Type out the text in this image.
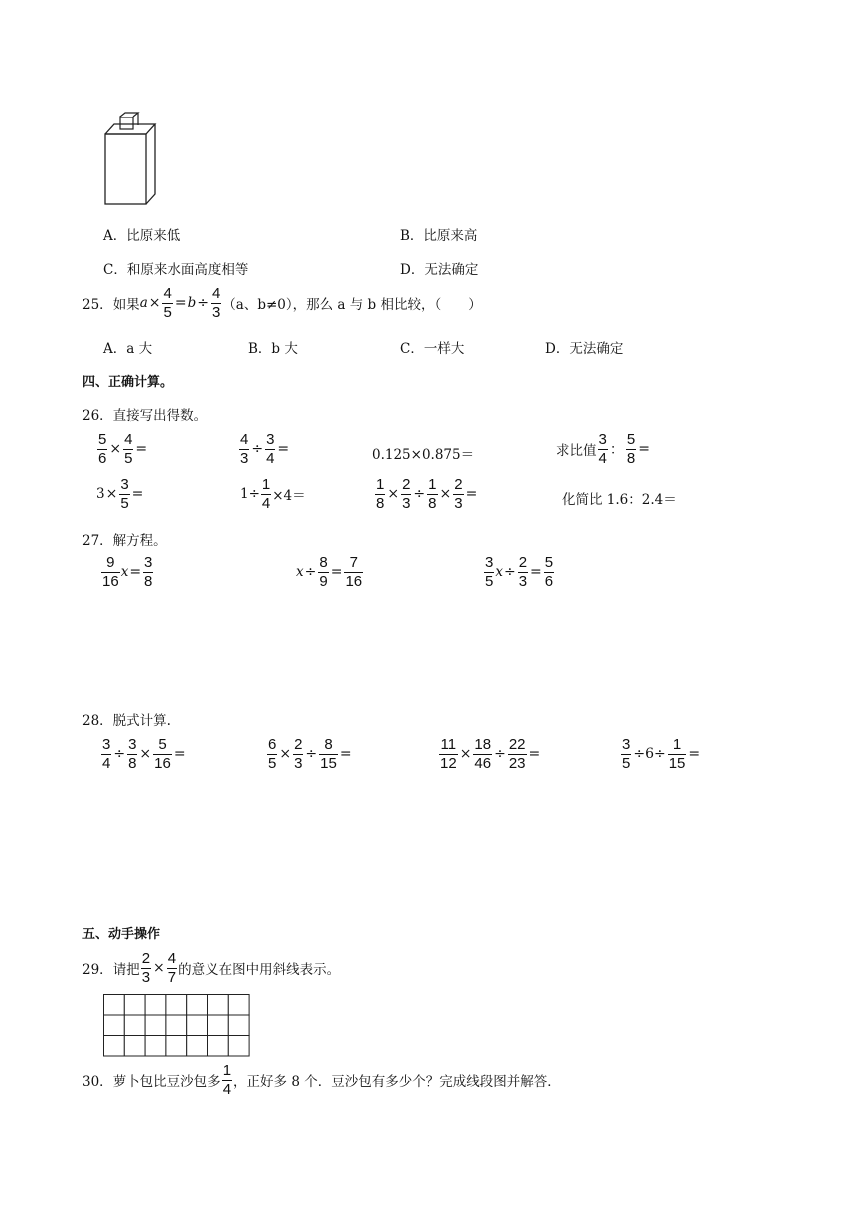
A．比原来低	B．比原来高
C．和原来水面高度相等	D．无法确定
25． 如果 $a \times \frac{4}{5} = b \div \frac{4}{3} (a$、b≠0），那么 a 与 b 相比较，（　　）
A．a 大	B．b 大	C．一样大	D．无法确定
四、正确计算。
26．直接写出得数。
$\frac{5}{6} \times \frac{4}{5}$ =	$\frac{4}{3} \div \frac{3}{4}$ =	0.125×0.875＝	求比值 $\frac{3}{4}$ ： $\frac{5}{8}$ =
$3 \times \frac{3}{5}$ =	$1\div \frac{1}{4} \times 4=$	$\frac{1}{8} \times \frac{2}{3} \div \frac{1}{8} \times \frac{2}{3}$ =	化简比 1.6：2.4＝
27．解方程。
$\frac{9}{16}$ $x = \frac{3}{8}$	$x \div \frac{8}{9} = \frac{7}{16}$	$\frac{3}{5}$ $x \div \frac{2}{3} = \frac{5}{6}$
28．脱式计算.
$\frac{3}{4} \div \frac{3}{8} \times \frac{5}{16}$ =	$\frac{6}{5} \times \frac{2}{3} \div \frac{8}{15}$ =	$\frac{11}{12} \times \frac{18}{46} \div \frac{22}{23}$ =	$\frac{3}{5} \div 6\div \frac{1}{15}$ =
五、动手操作
29． 请把 $\frac{2}{3} \times \frac{4}{7}$ 的意义在图中用斜线表示。
30． 萝卜包比豆沙包多 $\frac{1}{4}$ ，正好多 8 个．豆沙包有多少个？完成线段图并解答．
